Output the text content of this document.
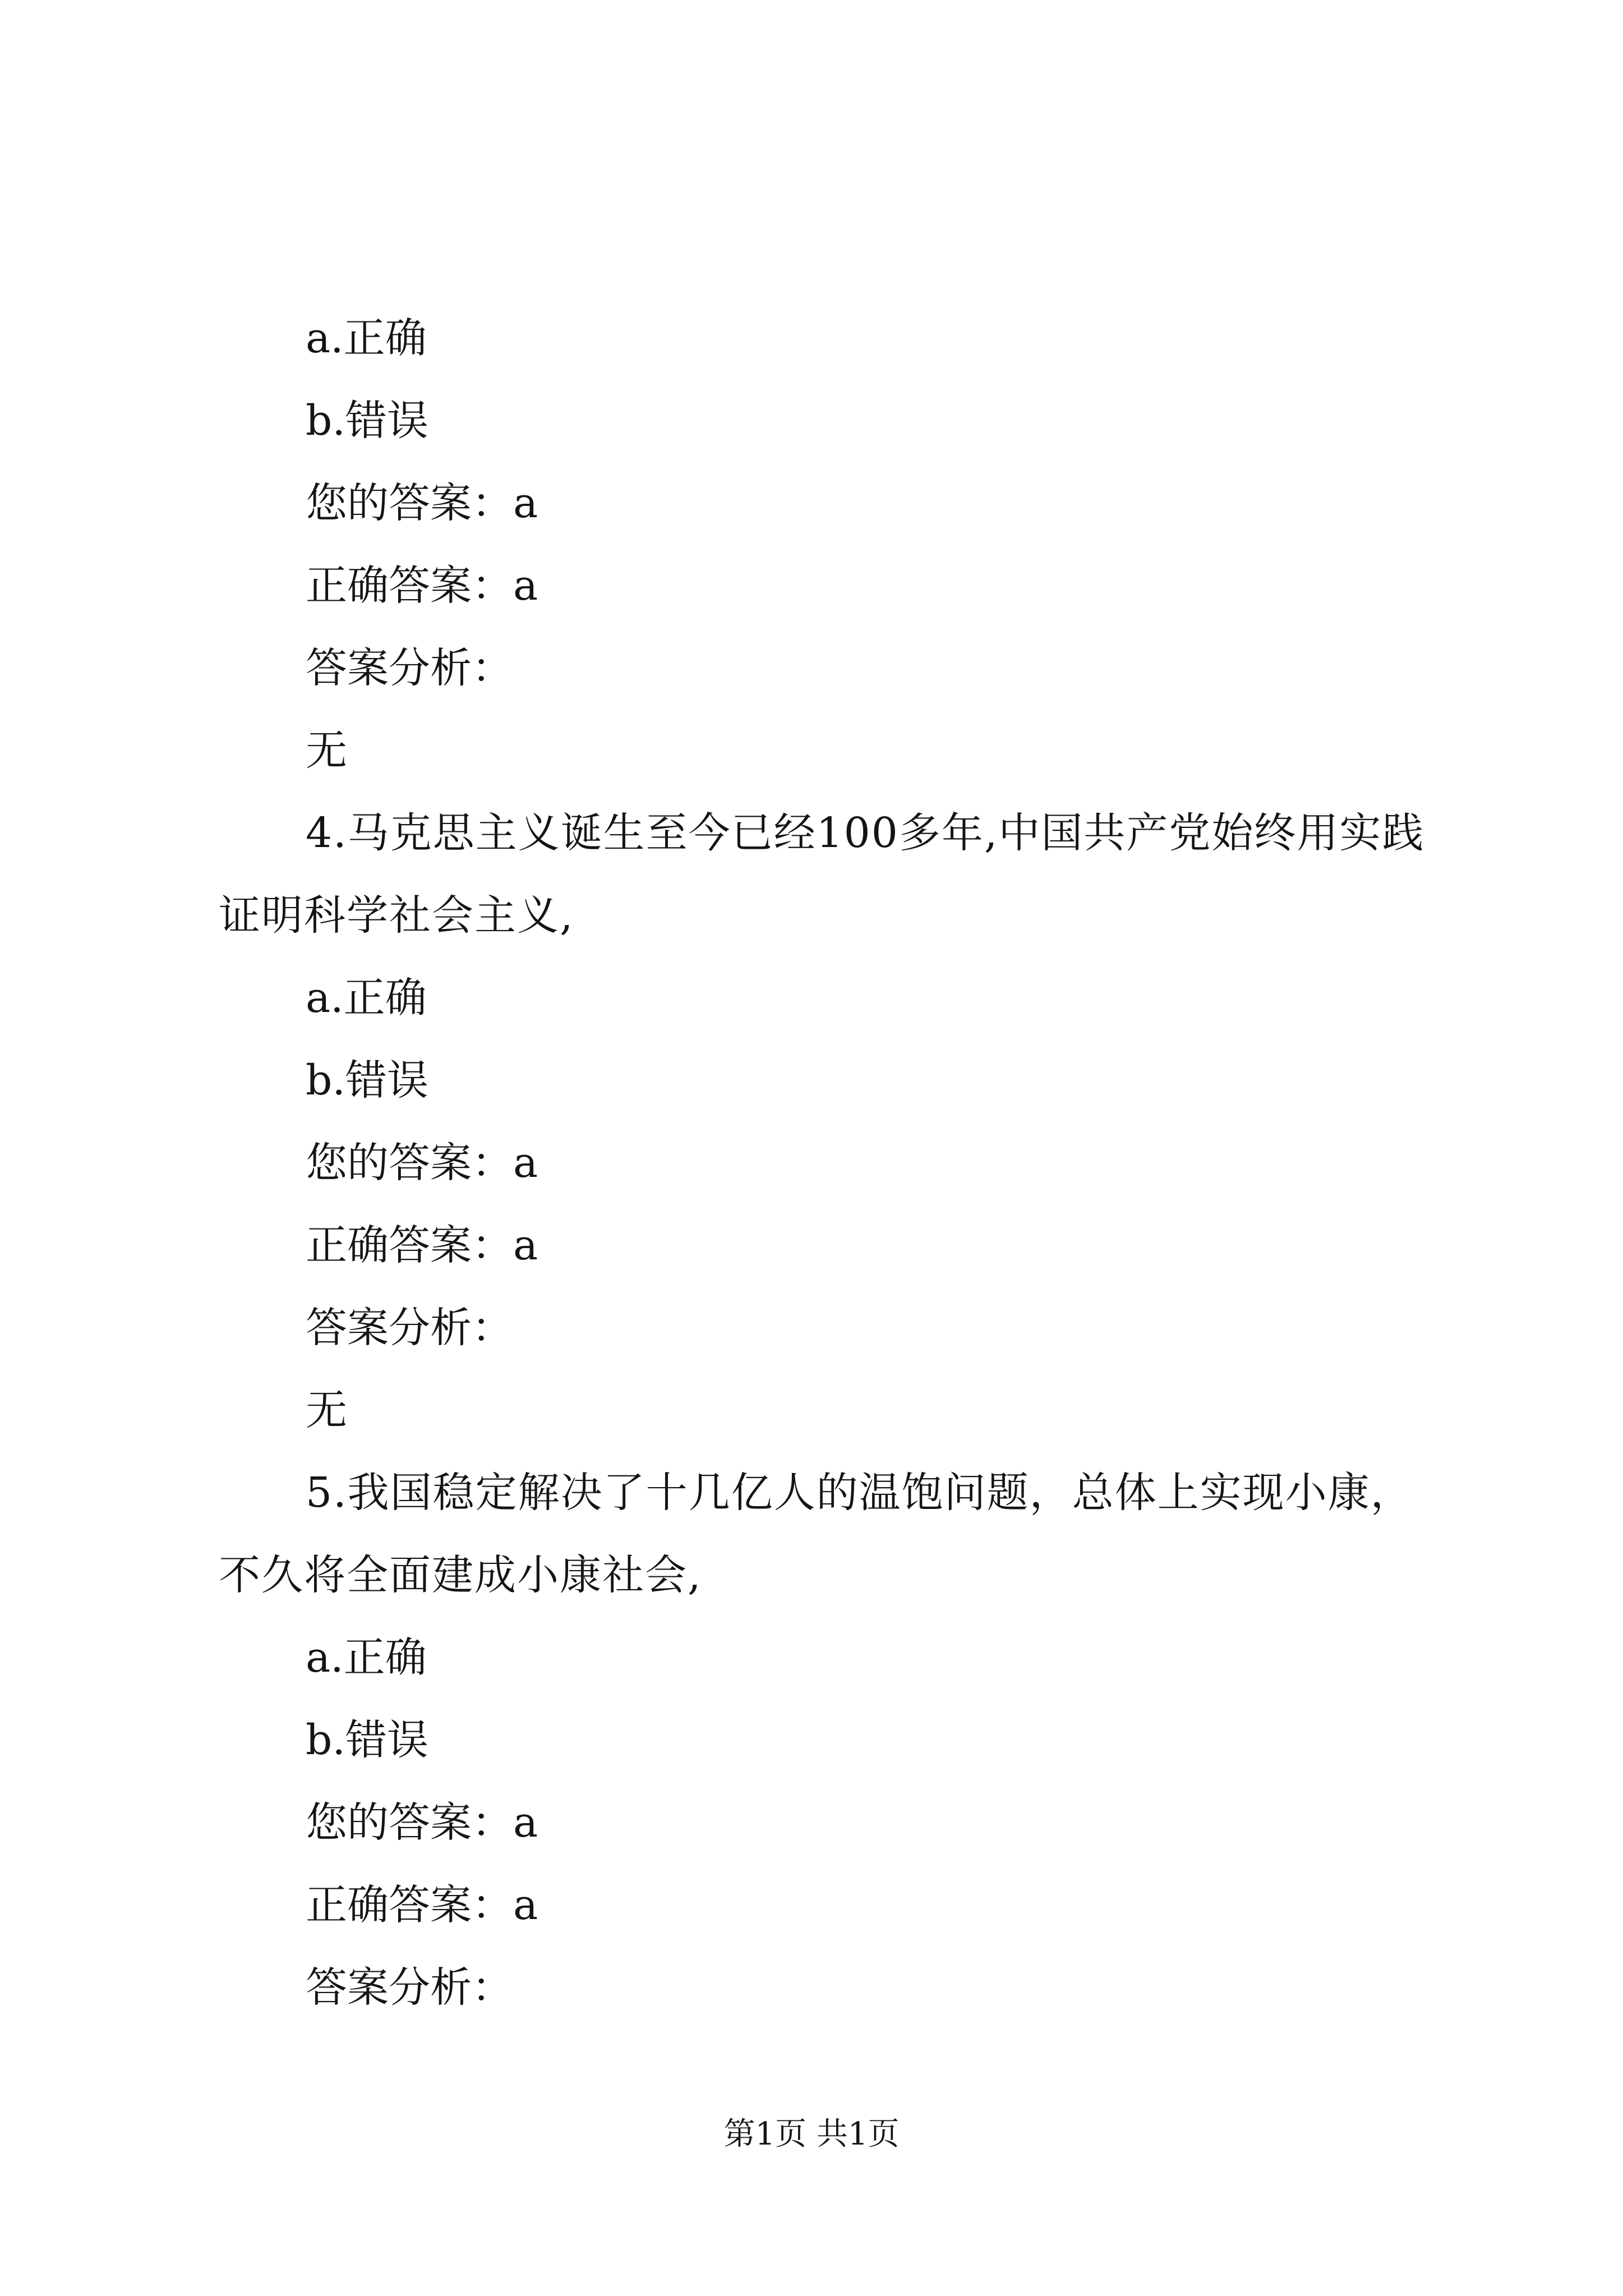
a.正确
b.错误
您的答案：a
正确答案：a
答案分析：
无
4.马克思主义诞生至今已经100多年,中国共产党始终用实践证明科学社会主义,
a.正确
b.错误
您的答案：a
正确答案：a
答案分析：
无
5.我国稳定解决了十几亿人的温饱问题，总体上实现小康，不久将全面建成小康社会,
a.正确
b.错误
您的答案：a
正确答案：a
答案分析：
第1页 共1页
